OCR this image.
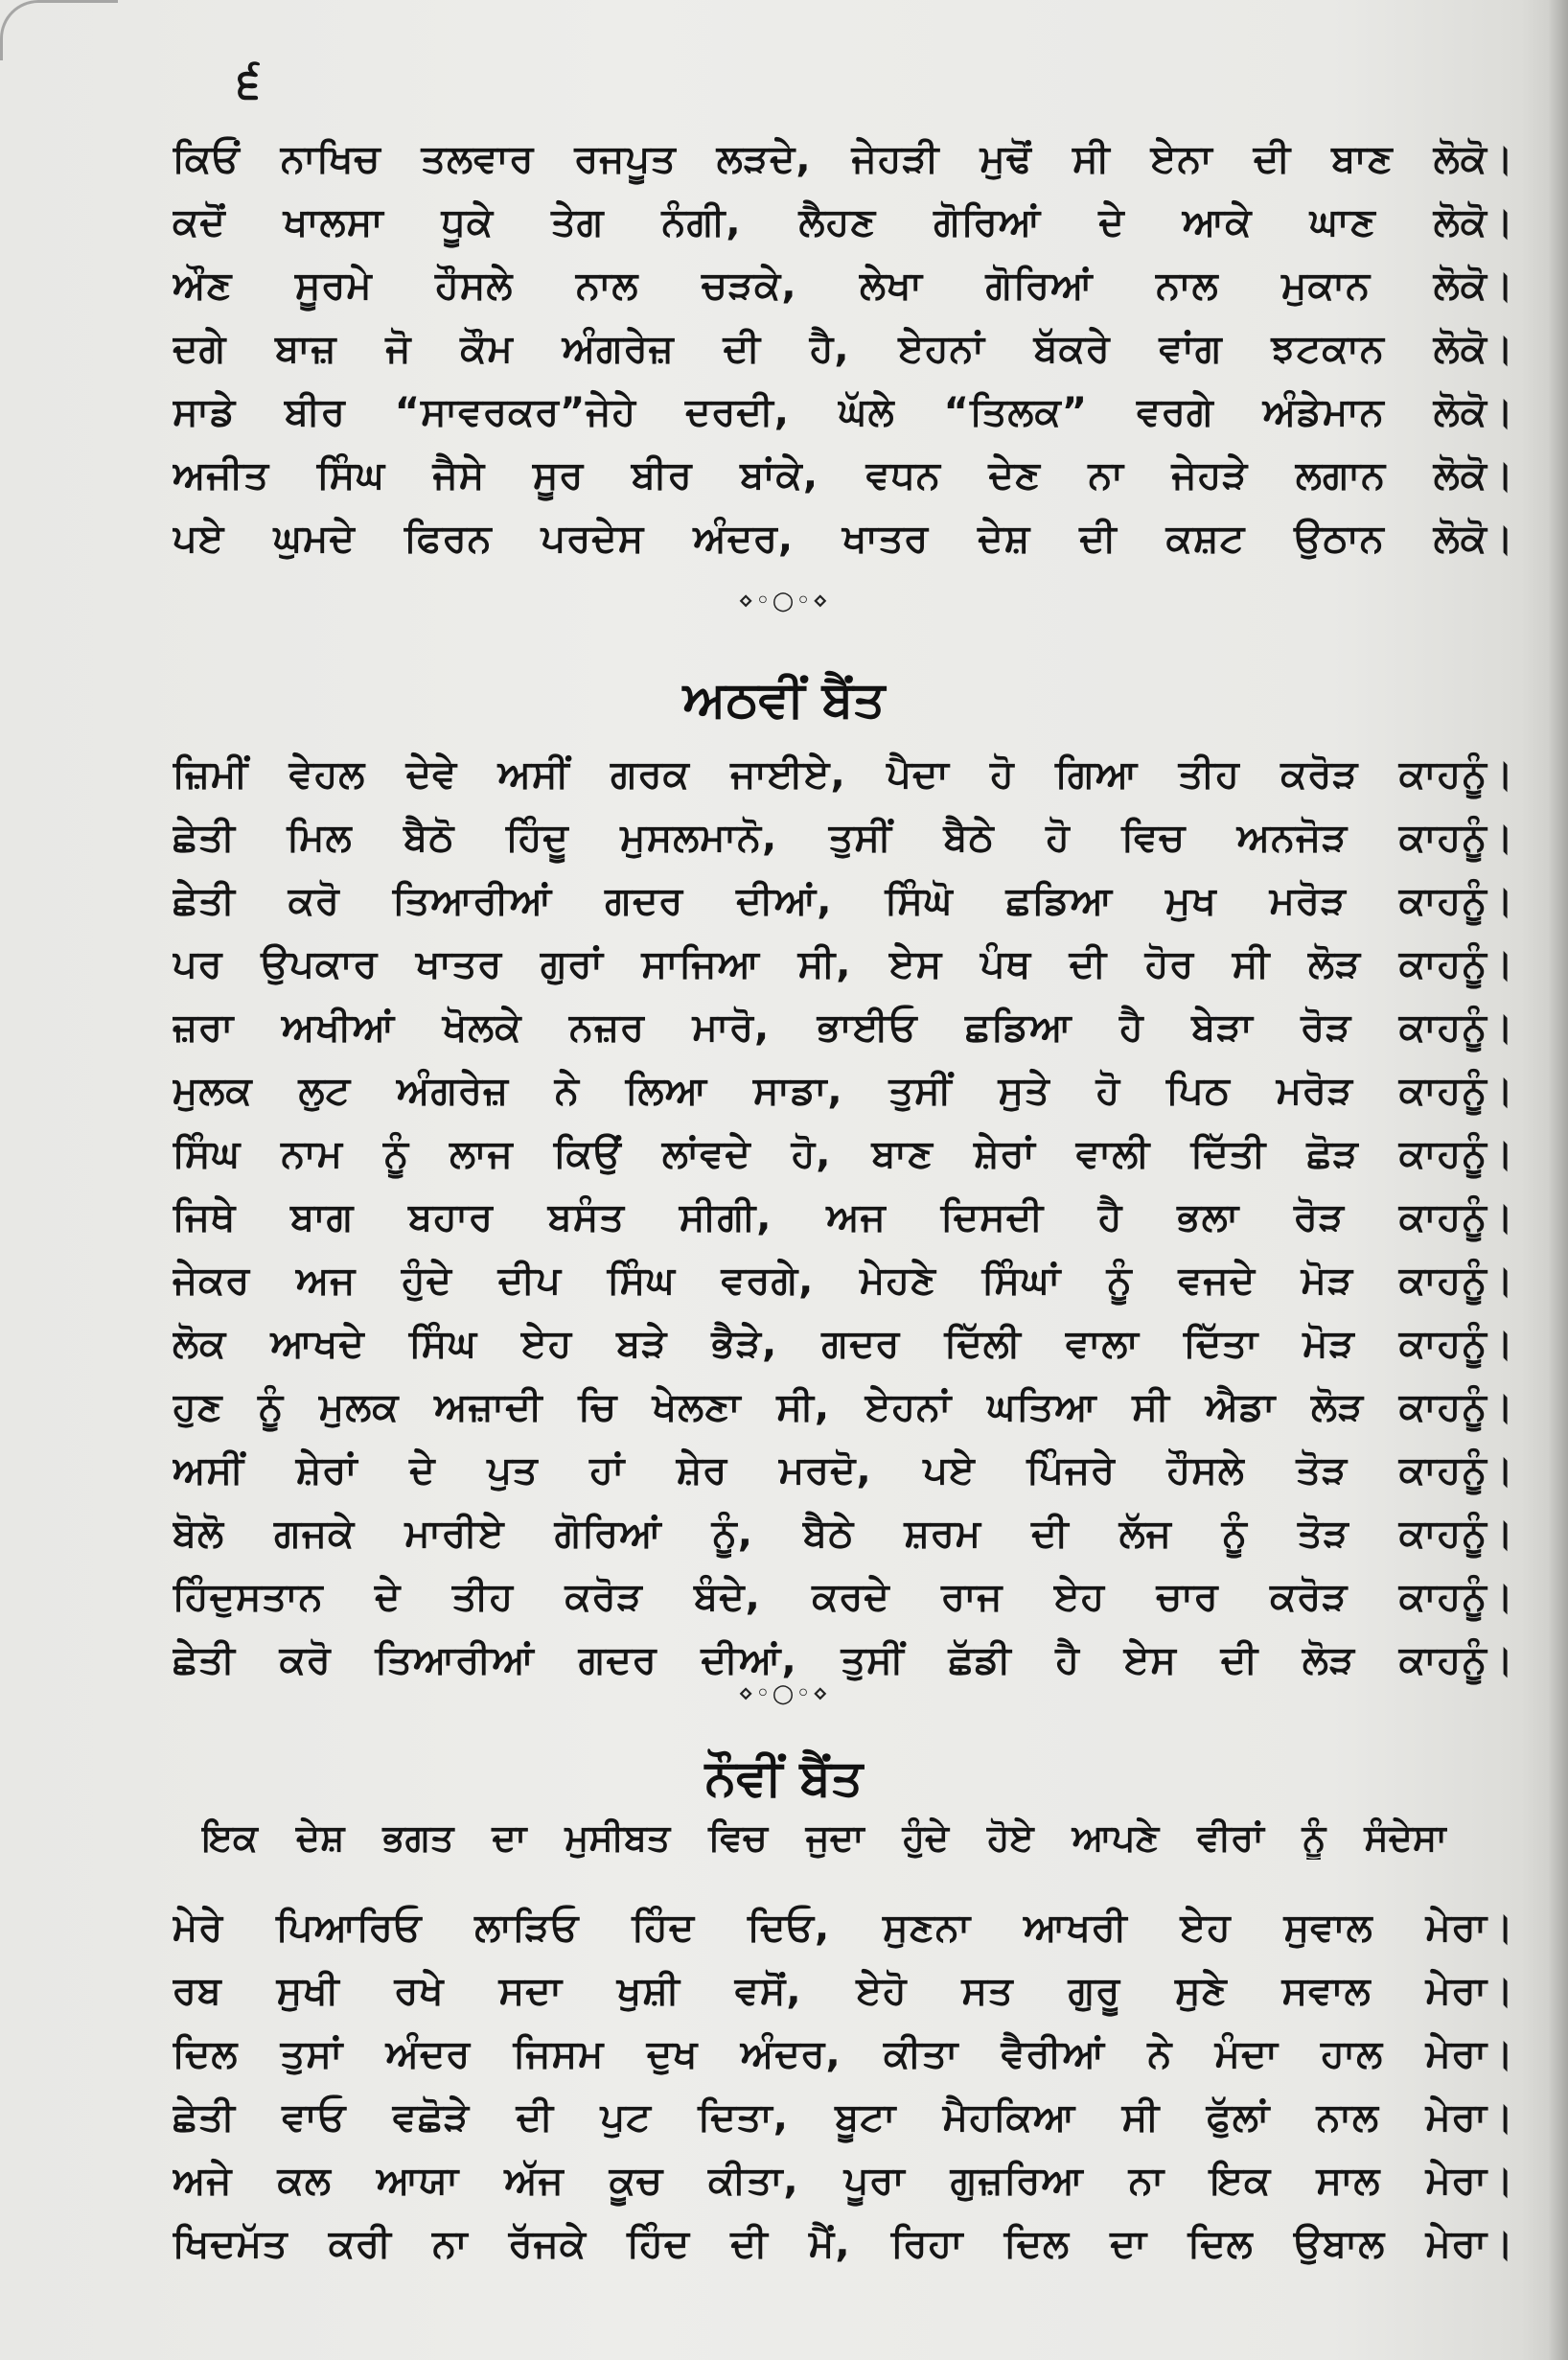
੬
ਕਿਓਂ ਨਾਖਿਚ ਤਲਵਾਰ ਰਜਪੂਤ ਲੜਦੇ, ਜੇਹੜੀ ਮੁਢੋਂ ਸੀ ਏਨਾ ਦੀ ਬਾਣ ਲੋਕੋ।
ਕਦੋਂ ਖਾਲਸਾ ਧੂਕੇ ਤੇਗ ਨੰਗੀ, ਲੈਹਣ ਗੋਰਿਆਂ ਦੇ ਆਕੇ ਘਾਣ ਲੋਕੋ।
ਔਣ ਸੂਰਮੇ ਹੌਸਲੇ ਨਾਲ ਚੜਕੇ, ਲੇਖਾ ਗੋਰਿਆਂ ਨਾਲ ਮੁਕਾਨ ਲੋਕੋ।
ਦਗੇ ਬਾਜ਼ ਜੋ ਕੌਮ ਅੰਗਰੇਜ਼ ਦੀ ਹੈ, ਏਹਨਾਂ ਬੱਕਰੇ ਵਾਂਗ ਝਟਕਾਨ ਲੋਕੋ।
ਸਾਡੇ ਬੀਰ “ਸਾਵਰਕਰ”ਜੇਹੇ ਦਰਦੀ, ਘੱਲੇ “ਤਿਲਕ” ਵਰਗੇ ਅੰਡੇਮਾਨ ਲੋਕੋ।
ਅਜੀਤ ਸਿੰਘ ਜੈਸੇ ਸੂਰ ਬੀਰ ਬਾਂਕੇ, ਵਧਨ ਦੇਣ ਨਾ ਜੇਹੜੇ ਲਗਾਨ ਲੋਕੋ।
ਪਏ ਘੁਮਦੇ ਫਿਰਨ ਪਰਦੇਸ ਅੰਦਰ, ਖਾਤਰ ਦੇਸ਼ ਦੀ ਕਸ਼ਟ ਉਠਾਨ ਲੋਕੋ।
⋄◦○◦⋄
ਅਠਵੀਂ ਬੈਂਤ
ਜ਼ਿਮੀਂ ਵੇਹਲ ਦੇਵੇ ਅਸੀਂ ਗਰਕ ਜਾਈਏ, ਪੈਦਾ ਹੋ ਗਿਆ ਤੀਹ ਕਰੋੜ ਕਾਹਨੂੰ।
ਛੇਤੀ ਮਿਲ ਬੈਠੋ ਹਿੰਦੂ ਮੁਸਲਮਾਨੋ, ਤੁਸੀਂ ਬੈਠੇ ਹੋ ਵਿਚ ਅਨਜੋੜ ਕਾਹਨੂੰ।
ਛੇਤੀ ਕਰੋ ਤਿਆਰੀਆਂ ਗਦਰ ਦੀਆਂ, ਸਿੰਘੋ ਛਡਿਆ ਮੁਖ ਮਰੋੜ ਕਾਹਨੂੰ।
ਪਰ ਉਪਕਾਰ ਖਾਤਰ ਗੁਰਾਂ ਸਾਜਿਆ ਸੀ, ਏਸ ਪੰਥ ਦੀ ਹੋਰ ਸੀ ਲੋੜ ਕਾਹਨੂੰ।
ਜ਼ਰਾ ਅਖੀਆਂ ਖੋਲਕੇ ਨਜ਼ਰ ਮਾਰੋ, ਭਾਈਓ ਛਡਿਆ ਹੈ ਬੇੜਾ ਰੋੜ ਕਾਹਨੂੰ।
ਮੁਲਕ ਲੁਟ ਅੰਗਰੇਜ਼ ਨੇ ਲਿਆ ਸਾਡਾ, ਤੁਸੀਂ ਸੁਤੇ ਹੋ ਪਿਠ ਮਰੋੜ ਕਾਹਨੂੰ।
ਸਿੰਘ ਨਾਮ ਨੂੰ ਲਾਜ ਕਿਉਂ ਲਾਂਵਦੇ ਹੋ, ਬਾਣ ਸ਼ੇਰਾਂ ਵਾਲੀ ਦਿੱਤੀ ਛੋੜ ਕਾਹਨੂੰ।
ਜਿਥੇ ਬਾਗ ਬਹਾਰ ਬਸੰਤ ਸੀਗੀ, ਅਜ ਦਿਸਦੀ ਹੈ ਭਲਾ ਰੋੜ ਕਾਹਨੂੰ।
ਜੇਕਰ ਅਜ ਹੁੰਦੇ ਦੀਪ ਸਿੰਘ ਵਰਗੇ, ਮੇਹਣੇ ਸਿੰਘਾਂ ਨੂੰ ਵਜਦੇ ਮੋੜ ਕਾਹਨੂੰ।
ਲੋਕ ਆਖਦੇ ਸਿੰਘ ਏਹ ਬੜੇ ਭੈੜੇ, ਗਦਰ ਦਿੱਲੀ ਵਾਲਾ ਦਿੱਤਾ ਮੋੜ ਕਾਹਨੂੰ।
ਹੁਣ ਨੂੰ ਮੁਲਕ ਅਜ਼ਾਦੀ ਚਿ ਖੇਲਣਾ ਸੀ, ਏਹਨਾਂ ਘਤਿਆ ਸੀ ਐਡਾ ਲੋੜ ਕਾਹਨੂੰ।
ਅਸੀਂ ਸ਼ੇਰਾਂ ਦੇ ਪੁਤ ਹਾਂ ਸ਼ੇਰ ਮਰਦੋ, ਪਏ ਪਿੰਜਰੇ ਹੌਸਲੇ ਤੋੜ ਕਾਹਨੂੰ।
ਬੋਲੋ ਗਜਕੇ ਮਾਰੀਏ ਗੋਰਿਆਂ ਨੂੰ, ਬੈਠੇ ਸ਼ਰਮ ਦੀ ਲੱਜ ਨੂੰ ਤੋੜ ਕਾਹਨੂੰ।
ਹਿੰਦੁਸਤਾਨ ਦੇ ਤੀਹ ਕਰੋੜ ਬੰਦੇ, ਕਰਦੇ ਰਾਜ ਏਹ ਚਾਰ ਕਰੋੜ ਕਾਹਨੂੰ।
ਛੇਤੀ ਕਰੋ ਤਿਆਰੀਆਂ ਗਦਰ ਦੀਆਂ, ਤੁਸੀਂ ਛੱਡੀ ਹੈ ਏਸ ਦੀ ਲੋੜ ਕਾਹਨੂੰ।
⋄◦○◦⋄
ਨੌਵੀਂ ਬੈਂਤ
ਇਕ ਦੇਸ਼ ਭਗਤ ਦਾ ਮੁਸੀਬਤ ਵਿਚ ਜੁਦਾ ਹੁੰਦੇ ਹੋਏ ਆਪਣੇ ਵੀਰਾਂ ਨੂੰ ਸੰਦੇਸਾ
ਮੇਰੇ ਪਿਆਰਿਓ ਲਾੜਿਓ ਹਿੰਦ ਦਿਓ, ਸੁਣਨਾ ਆਖਰੀ ਏਹ ਸੁਵਾਲ ਮੇਰਾ।
ਰਬ ਸੁਖੀ ਰਖੇ ਸਦਾ ਖੁਸ਼ੀ ਵਸੋਂ, ਏਹੋ ਸਤ ਗੁਰੂ ਸੁਣੇ ਸਵਾਲ ਮੇਰਾ।
ਦਿਲ ਤੁਸਾਂ ਅੰਦਰ ਜਿਸਮ ਦੁਖ ਅੰਦਰ, ਕੀਤਾ ਵੈਰੀਆਂ ਨੇ ਮੰਦਾ ਹਾਲ ਮੇਰਾ।
ਛੇਤੀ ਵਾਓ ਵਛੋੜੇ ਦੀ ਪੁਟ ਦਿਤਾ, ਬੂਟਾ ਮੈਹਕਿਆ ਸੀ ਫੁੱਲਾਂ ਨਾਲ ਮੇਰਾ।
ਅਜੇ ਕਲ ਆਯਾ ਅੱਜ ਕੂਚ ਕੀਤਾ, ਪੂਰਾ ਗੁਜ਼ਰਿਆ ਨਾ ਇਕ ਸਾਲ ਮੇਰਾ।
ਖਿਦਮੱਤ ਕਰੀ ਨਾ ਰੱਜਕੇ ਹਿੰਦ ਦੀ ਮੈਂ, ਰਿਹਾ ਦਿਲ ਦਾ ਦਿਲ ਉਬਾਲ ਮੇਰਾ।
